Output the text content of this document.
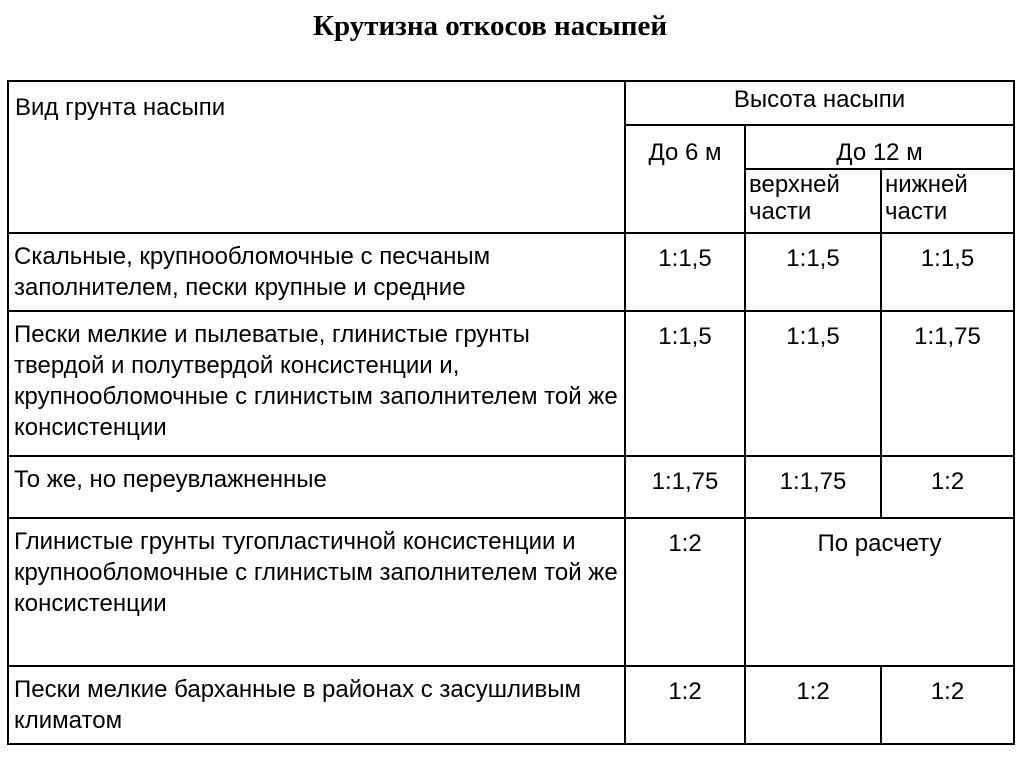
Крутизна откосов насыпей
Вид грунта насыпи	Высота насыпи		
	До 6 м	До 12 м	
		верхней части	нижней части
Скальные, крупнообломочные с песчаным заполнителем, пески крупные и средние	1:1,5	1:1,5	1:1,5
Пески мелкие и пылеватые, глинистые грунты твердой и полутвердой консистенции и, крупнообломочные с глинистым заполнителем той же консистенции	1:1,5	1:1,5	1:1,75
То же, но переувлажненные	1:1,75	1:1,75	1:2
Глинистые грунты тугопластичной консистенции и крупнообломочные с глинистым заполнителем той же консистенции	1:2	По расчету	
Пески мелкие барханные в районах с засушливым климатом	1:2	1:2	1:2
